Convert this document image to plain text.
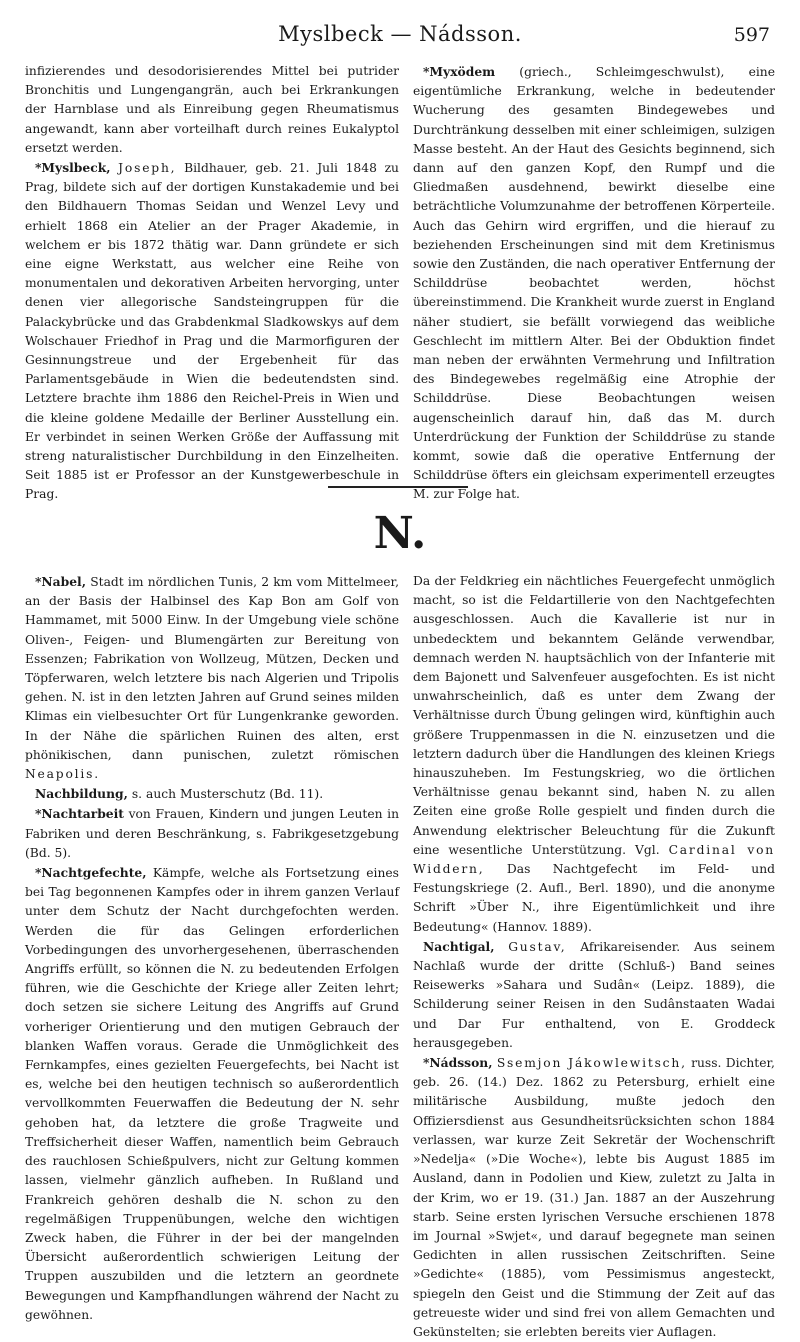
Myslbeck — Nádsson.	597

infizierendes und desodorisierendes Mittel bei putrider Bronchitis und Lungengangrän, auch bei Erkrankungen der Harnblase und als Einreibung gegen Rheumatismus angewandt, kann aber vorteilhaft durch reines Eukalyptol ersetzt werden.

*Myslbeck, Joseph, Bildhauer, geb. 21. Juli 1848 zu Prag, bildete sich auf der dortigen Kunstakademie und bei den Bildhauern Thomas Seidan und Wenzel Levy und erhielt 1868 ein Atelier an der Prager Akademie, in welchem er bis 1872 thätig war. Dann gründete er sich eine eigne Werkstatt, aus welcher eine Reihe von monumentalen und dekorativen Arbeiten hervorging, unter denen vier allegorische Sandsteingruppen für die Palackybrücke und das Grabdenkmal Sladkowskys auf dem Wolschauer Friedhof in Prag und die Marmorfiguren der Gesinnungstreue und der Ergebenheit für das Parlamentsgebäude in Wien die bedeutendsten sind. Letztere brachte ihm 1886 den Reichel-Preis in Wien und die kleine goldene Medaille der Berliner Ausstellung ein. Er verbindet in seinen Werken Größe der Auffassung mit streng naturalistischer Durchbildung in den Einzelheiten. Seit 1885 ist er Professor an der Kunstgewerbeschule in Prag.

*Myxödem (griech., Schleimgeschwulst), eine eigentümliche Erkrankung, welche in bedeutender Wucherung des gesamten Bindegewebes und Durchtränkung desselben mit einer schleimigen, sulzigen Masse besteht. An der Haut des Gesichts beginnend, sich dann auf den ganzen Kopf, den Rumpf und die Gliedmaßen ausdehnend, bewirkt dieselbe eine beträchtliche Volumzunahme der betroffenen Körperteile. Auch das Gehirn wird ergriffen, und die hierauf zu beziehenden Erscheinungen sind mit dem Kretinismus sowie den Zuständen, die nach operativer Entfernung der Schilddrüse beobachtet werden, höchst übereinstimmend. Die Krankheit wurde zuerst in England näher studiert, sie befällt vorwiegend das weibliche Geschlecht im mittlern Alter. Bei der Obduktion findet man neben der erwähnten Vermehrung und Infiltration des Bindegewebes regelmäßig eine Atrophie der Schilddrüse. Diese Beobachtungen weisen augenscheinlich darauf hin, daß das M. durch Unterdrückung der Funktion der Schilddrüse zu stande kommt, sowie daß die operative Entfernung der Schilddrüse öfters ein gleichsam experimentell erzeugtes M. zur Folge hat.

N.

*Nabel, Stadt im nördlichen Tunis, 2 km vom Mittelmeer, an der Basis der Halbinsel des Kap Bon am Golf von Hammamet, mit 5000 Einw. In der Umgebung viele schöne Oliven-, Feigen- und Blumengärten zur Bereitung von Essenzen; Fabrikation von Wollzeug, Mützen, Decken und Töpferwaren, welch letztere bis nach Algerien und Tripolis gehen. N. ist in den letzten Jahren auf Grund seines milden Klimas ein vielbesuchter Ort für Lungenkranke geworden. In der Nähe die spärlichen Ruinen des alten, erst phönikischen, dann punischen, zuletzt römischen Neapolis.

Nachbildung, s. auch Musterschutz (Bd. 11).

*Nachtarbeit von Frauen, Kindern und jungen Leuten in Fabriken und deren Beschränkung, s. Fabrikgesetzgebung (Bd. 5).

*Nachtgefechte, Kämpfe, welche als Fortsetzung eines bei Tag begonnenen Kampfes oder in ihrem ganzen Verlauf unter dem Schutz der Nacht durchgefochten werden. Werden die für das Gelingen erforderlichen Vorbedingungen des unvorhergesehenen, überraschenden Angriffs erfüllt, so können die N. zu bedeutenden Erfolgen führen, wie die Geschichte der Kriege aller Zeiten lehrt; doch setzen sie sichere Leitung des Angriffs auf Grund vorheriger Orientierung und den mutigen Gebrauch der blanken Waffen voraus. Gerade die Unmöglichkeit des Fernkampfes, eines gezielten Feuergefechts, bei Nacht ist es, welche bei den heutigen technisch so außerordentlich vervollkommten Feuerwaffen die Bedeutung der N. sehr gehoben hat, da letztere die große Tragweite und Treffsicherheit dieser Waffen, namentlich beim Gebrauch des rauchlosen Schießpulvers, nicht zur Geltung kommen lassen, vielmehr gänzlich aufheben. In Rußland und Frankreich gehören deshalb die N. schon zu den regelmäßigen Truppenübungen, welche den wichtigen Zweck haben, die Führer in der bei der mangelnden Übersicht außerordentlich schwierigen Leitung der Truppen auszubilden und die letztern an geordnete Bewegungen und Kampfhandlungen während der Nacht zu gewöhnen.

Da der Feldkrieg ein nächtliches Feuergefecht unmöglich macht, so ist die Feldartillerie von den Nachtgefechten ausgeschlossen. Auch die Kavallerie ist nur in unbedecktem und bekanntem Gelände verwendbar, demnach werden N. hauptsächlich von der Infanterie mit dem Bajonett und Salvenfeuer ausgefochten. Es ist nicht unwahrscheinlich, daß es unter dem Zwang der Verhältnisse durch Übung gelingen wird, künftighin auch größere Truppenmassen in die N. einzusetzen und die letztern dadurch über die Handlungen des kleinen Kriegs hinauszuheben. Im Festungskrieg, wo die örtlichen Verhältnisse genau bekannt sind, haben N. zu allen Zeiten eine große Rolle gespielt und finden durch die Anwendung elektrischer Beleuchtung für die Zukunft eine wesentliche Unterstützung. Vgl. Cardinal von Widdern, Das Nachtgefecht im Feld- und Festungskriege (2. Aufl., Berl. 1890), und die anonyme Schrift »Über N., ihre Eigentümlichkeit und ihre Bedeutung« (Hannov. 1889).

Nachtigal, Gustav, Afrikareisender. Aus seinem Nachlaß wurde der dritte (Schluß-) Band seines Reisewerks »Sahara und Sudân« (Leipz. 1889), die Schilderung seiner Reisen in den Sudânstaaten Wadai und Dar Fur enthaltend, von E. Groddeck herausgegeben.

*Nádsson, Ssemjon Jákowlewitsch, russ. Dichter, geb. 26. (14.) Dez. 1862 zu Petersburg, erhielt eine militärische Ausbildung, mußte jedoch den Offiziersdienst aus Gesundheitsrücksichten schon 1884 verlassen, war kurze Zeit Sekretär der Wochenschrift »Nedelja« (»Die Woche«), lebte bis August 1885 im Ausland, dann in Podolien und Kiew, zuletzt zu Jalta in der Krim, wo er 19. (31.) Jan. 1887 an der Auszehrung starb. Seine ersten lyrischen Versuche erschienen 1878 im Journal »Swjet«, und darauf begegnete man seinen Gedichten in allen russischen Zeitschriften. Seine »Gedichte« (1885), vom Pessimismus angesteckt, spiegeln den Geist und die Stimmung der Zeit auf das getreueste wider und sind frei von allem Gemachten und Gekünstelten; sie erlebten bereits vier Auflagen.
